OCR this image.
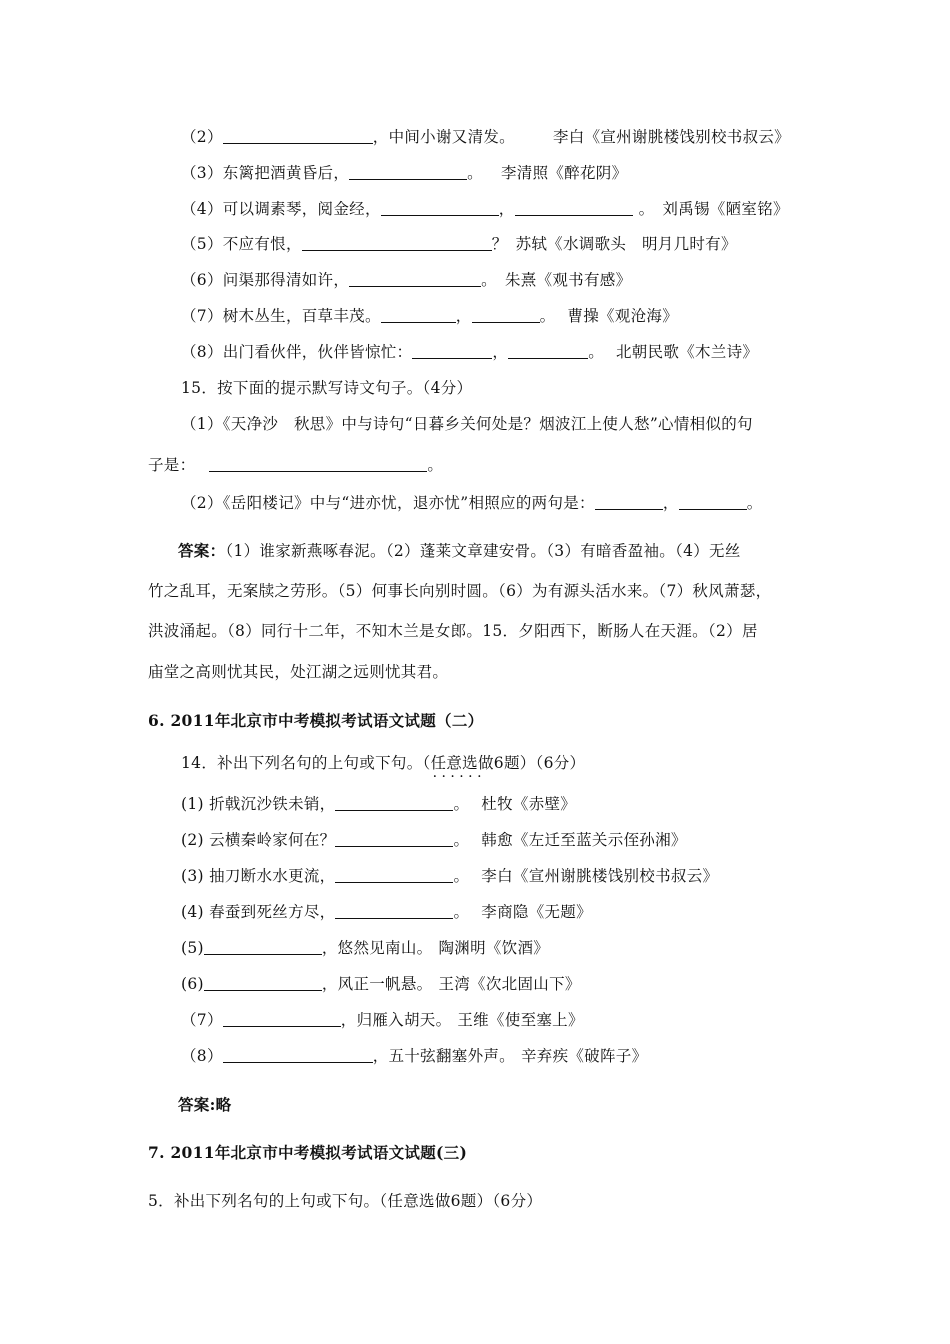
（2）	，中间小谢又清发。 李白《宣州谢朓楼饯别校书叔云》
（3）东篱把酒黄昏后，	。 李清照《醉花阴》
（4）可以调素琴，阅金经，	，	。 刘禹锡《陋室铭》
（5）不应有恨，	？ 苏轼《水调歌头　明月几时有》
（6）问渠那得清如许，	。 朱熹《观书有感》
（7）树木丛生，百草丰茂。	，	。 曹操《观沧海》
（8）出门看伙伴，伙伴皆惊忙：	，	。 北朝民歌《木兰诗》
15．按下面的提示默写诗文句子。（4分）
（1）《天净沙　秋思》中与诗句“日暮乡关何处是？烟波江上使人愁”心情相似的句
子是：	。
（2）《岳阳楼记》中与“进亦忧，退亦忧”相照应的两句是：	，	。
答案：（1）谁家新燕啄春泥。（2）蓬莱文章建安骨。（3）有暗香盈袖。（4）无丝
竹之乱耳，无案牍之劳形。（5）何事长向别时圆。（6）为有源头活水来。（7）秋风萧瑟，
洪波涌起。（8）同行十二年，不知木兰是女郎。15．夕阳西下，断肠人在天涯。（2）居
庙堂之高则忧其民，处江湖之远则忧其君。
6. 2011年北京市中考模拟考试语文试题（二）
14．补出下列名句的上句或下句。（任意选做6题 · · ）（6分）
(1) 折戟沉沙铁未销，	。 杜牧《赤壁》
(2) 云横秦岭家何在？	。 韩愈《左迁至蓝关示侄孙湘》
(3) 抽刀断水水更流，	。 李白《宣州谢朓楼饯别校书叔云》
(4) 春蚕到死丝方尽，	。 李商隐《无题》
(5)	，悠然见南山。 陶渊明《饮酒》
(6)	，风正一帆悬。 王湾《次北固山下》
（7）	，归雁入胡天。 王维《使至塞上》
（8）	，五十弦翻塞外声。 辛弃疾《破阵子》
答案:略
7. 2011年北京市中考模拟考试语文试题(三)
5．补出下列名句的上句或下句。（任意选做6题）（6分）
